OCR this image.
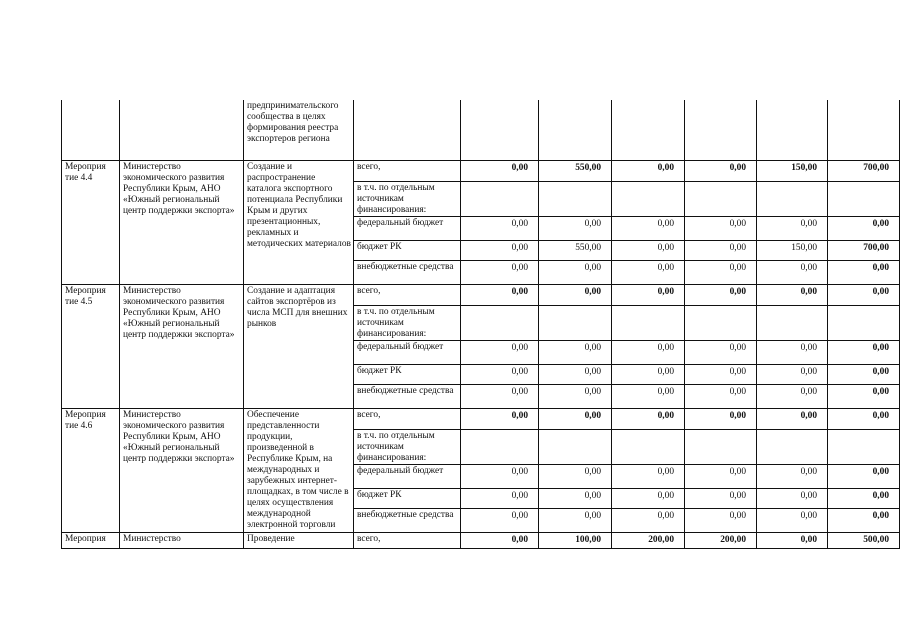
		предпринимательского сообщества в целях формирования реестра экспортеров региона							
Мероприя тие 4.4	Министерство экономического развития Республики Крым, АНО «Южный региональный центр поддержки экспорта»	Создание и распространение каталога экспортного потенциала Республики Крым и других презентационных, рекламных и методических материалов	всего,	0,00	550,00	0,00	0,00	150,00	700,00
			в т.ч. по отдельным источникам финансирования:						
			федеральный бюджет	0,00	0,00	0,00	0,00	0,00	0,00
			бюджет РК	0,00	550,00	0,00	0,00	150,00	700,00
			внебюджетные средства	0,00	0,00	0,00	0,00	0,00	0,00
Мероприя тие 4.5	Министерство экономического развития Республики Крым, АНО «Южный региональный центр поддержки экспорта»	Создание и адаптация сайтов экспортёров из числа МСП для внешних рынков	всего,	0,00	0,00	0,00	0,00	0,00	0,00
			в т.ч. по отдельным источникам финансирования:						
			федеральный бюджет	0,00	0,00	0,00	0,00	0,00	0,00
			бюджет РК	0,00	0,00	0,00	0,00	0,00	0,00
			внебюджетные средства	0,00	0,00	0,00	0,00	0,00	0,00
Мероприя тие 4.6	Министерство экономического развития Республики Крым, АНО «Южный региональный центр поддержки экспорта»	Обеспечение представленности продукции, произведенной в Республике Крым, на международных и зарубежных интернет-площадках, в том числе в целях осуществления международной электронной торговли	всего,	0,00	0,00	0,00	0,00	0,00	0,00
			в т.ч. по отдельным источникам финансирования:						
			федеральный бюджет	0,00	0,00	0,00	0,00	0,00	0,00
			бюджет РК	0,00	0,00	0,00	0,00	0,00	0,00
			внебюджетные средства	0,00	0,00	0,00	0,00	0,00	0,00
Мероприя	Министерство	Проведение	всего,	0,00	100,00	200,00	200,00	0,00	500,00
